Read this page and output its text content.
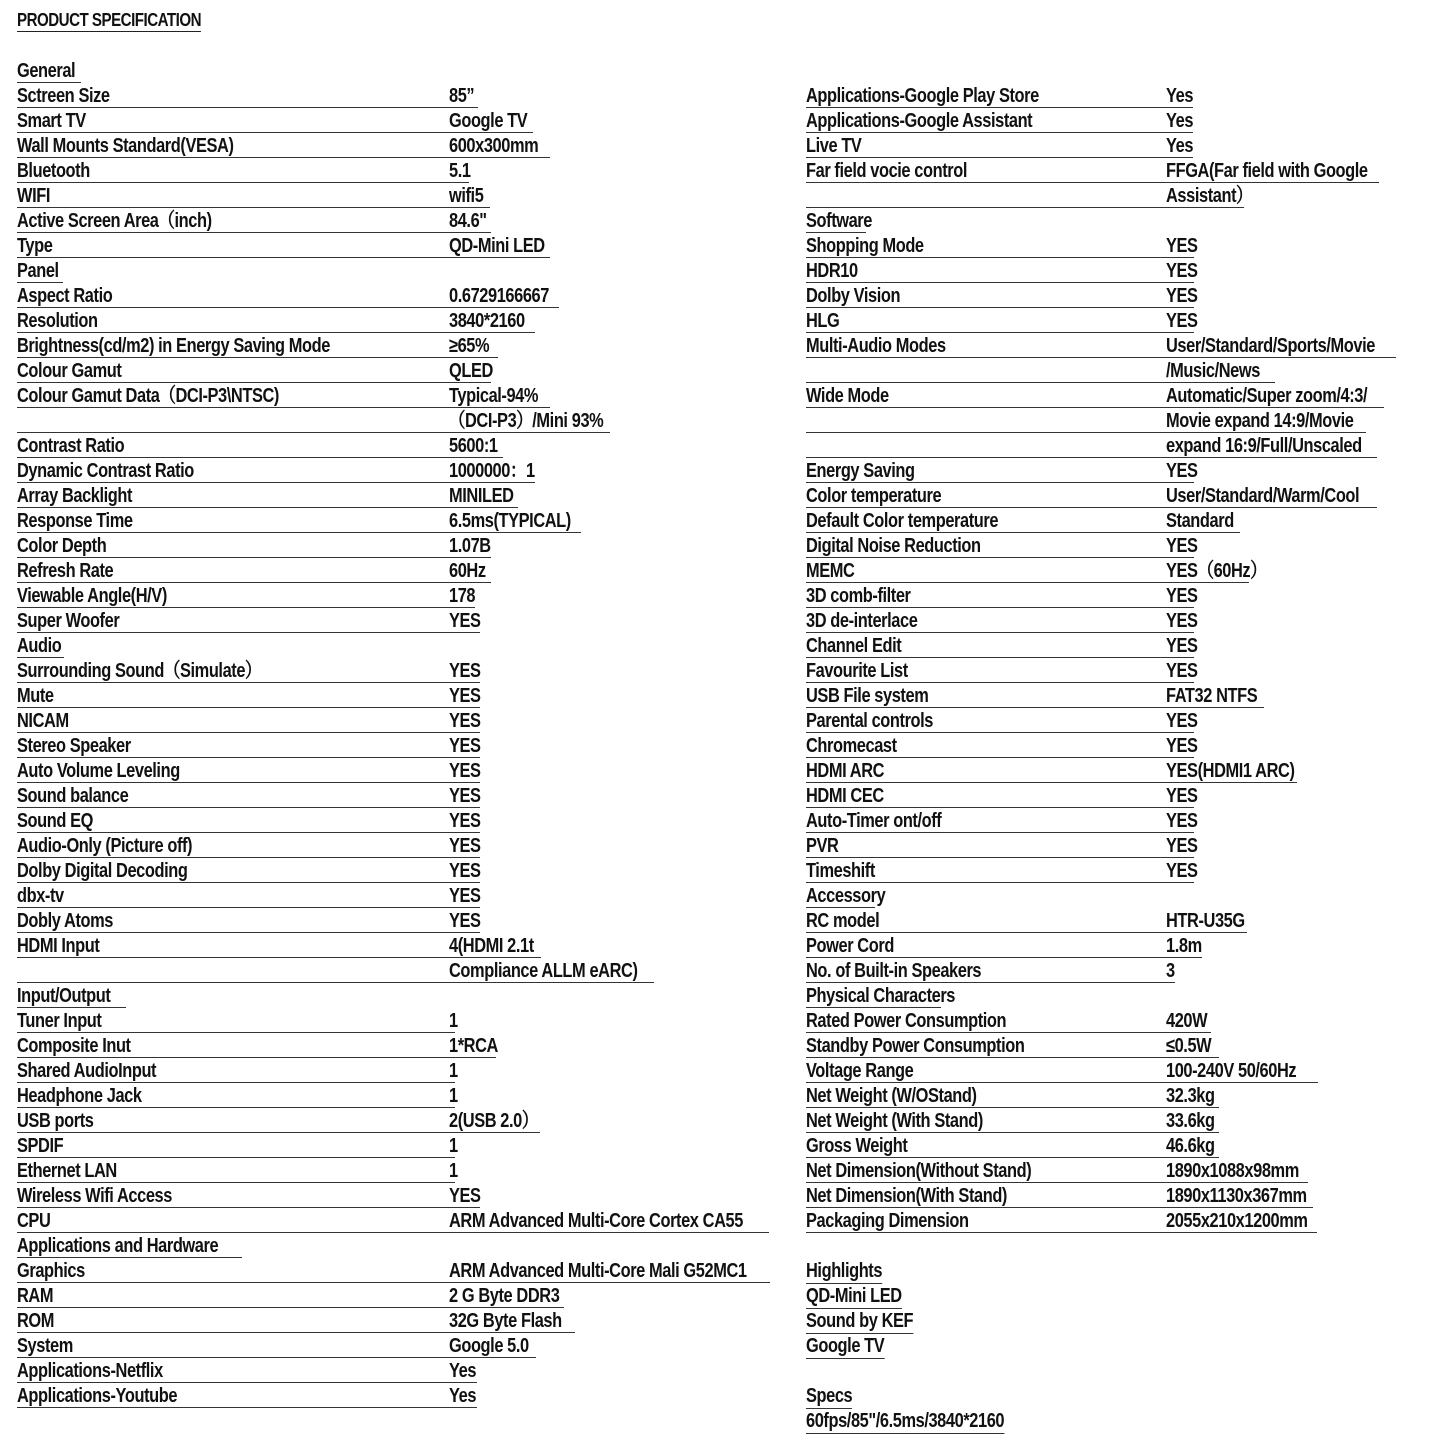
PRODUCT SPECIFICATION
General
Sctreen Size	85”
Smart TV	Google TV
Wall Mounts Standard(VESA)	600x300mm
Bluetooth	5.1
WIFI	wifi5
Active Screen Area（inch)	84.6"
Type	QD-Mini LED
Panel
Aspect Ratio	0.6729166667
Resolution	3840*2160
Brightness(cd/m2) in Energy Saving Mode	≥65%
Colour Gamut	QLED
Colour Gamut Data（DCI-P3\NTSC)	Typical-94%
（DCI-P3）/Mini 93%
Contrast Ratio	5600:1
Dynamic Contrast Ratio	1000000：1
Array Backlight	MINILED
Response Time	6.5ms(TYPICAL)
Color Depth	1.07B
Refresh Rate	60Hz
Viewable Angle(H/V)	178
Super Woofer	YES
Audio
Surrounding Sound（Simulate）	YES
Mute	YES
NICAM	YES
Stereo Speaker	YES
Auto Volume Leveling	YES
Sound balance	YES
Sound EQ	YES
Audio-Only (Picture off)	YES
Dolby Digital Decoding	YES
dbx-tv	YES
Dobly Atoms	YES
HDMI Input	4(HDMI 2.1t
Compliance ALLM eARC)
Input/Output
Tuner Input	1
Composite Inut	1*RCA
Shared AudioInput	1
Headphone Jack	1
USB ports	2(USB 2.0）
SPDIF	1
Ethernet LAN	1
Wireless Wifi Access	YES
CPU	ARM Advanced Multi-Core Cortex CA55
Applications and Hardware
Graphics	ARM Advanced Multi-Core Mali G52MC1
RAM	2 G Byte DDR3
ROM	32G Byte Flash
System	Google 5.0
Applications-Netflix	Yes
Applications-Youtube	Yes
Applications-Google Play Store	Yes
Applications-Google Assistant	Yes
Live TV	Yes
Far field vocie control	FFGA(Far field with Google
Assistant）
Software
Shopping Mode	YES
HDR10	YES
Dolby Vision	YES
HLG	YES
Multi-Audio Modes	User/Standard/Sports/Movie
/Music/News
Wide Mode	Automatic/Super zoom/4:3/
Movie expand 14:9/Movie
expand 16:9/Full/Unscaled
Energy Saving	YES
Color temperature	User/Standard/Warm/Cool
Default Color temperature	Standard
Digital Noise Reduction	YES
MEMC	YES（60Hz）
3D comb-filter	YES
3D de-interlace	YES
Channel Edit	YES
Favourite List	YES
USB File system	FAT32 NTFS
Parental controls	YES
Chromecast	YES
HDMI ARC	YES(HDMI1 ARC)
HDMI CEC	YES
Auto-Timer ont/off	YES
PVR	YES
Timeshift	YES
Accessory
RC model	HTR-U35G
Power Cord	1.8m
No. of Built-in Speakers	3
Physical Characters
Rated Power Consumption	420W
Standby Power Consumption	≤0.5W
Voltage Range	100-240V 50/60Hz
Net Weight (W/OStand)	32.3kg
Net Weight (With Stand)	33.6kg
Gross Weight	46.6kg
Net Dimension(Without Stand)	1890x1088x98mm
Net Dimension(With Stand)	1890x1130x367mm
Packaging Dimension	2055x210x1200mm
Highlights
QD-Mini LED
Sound by KEF
Google TV
Specs
60fps/85"/6.5ms/3840*2160
